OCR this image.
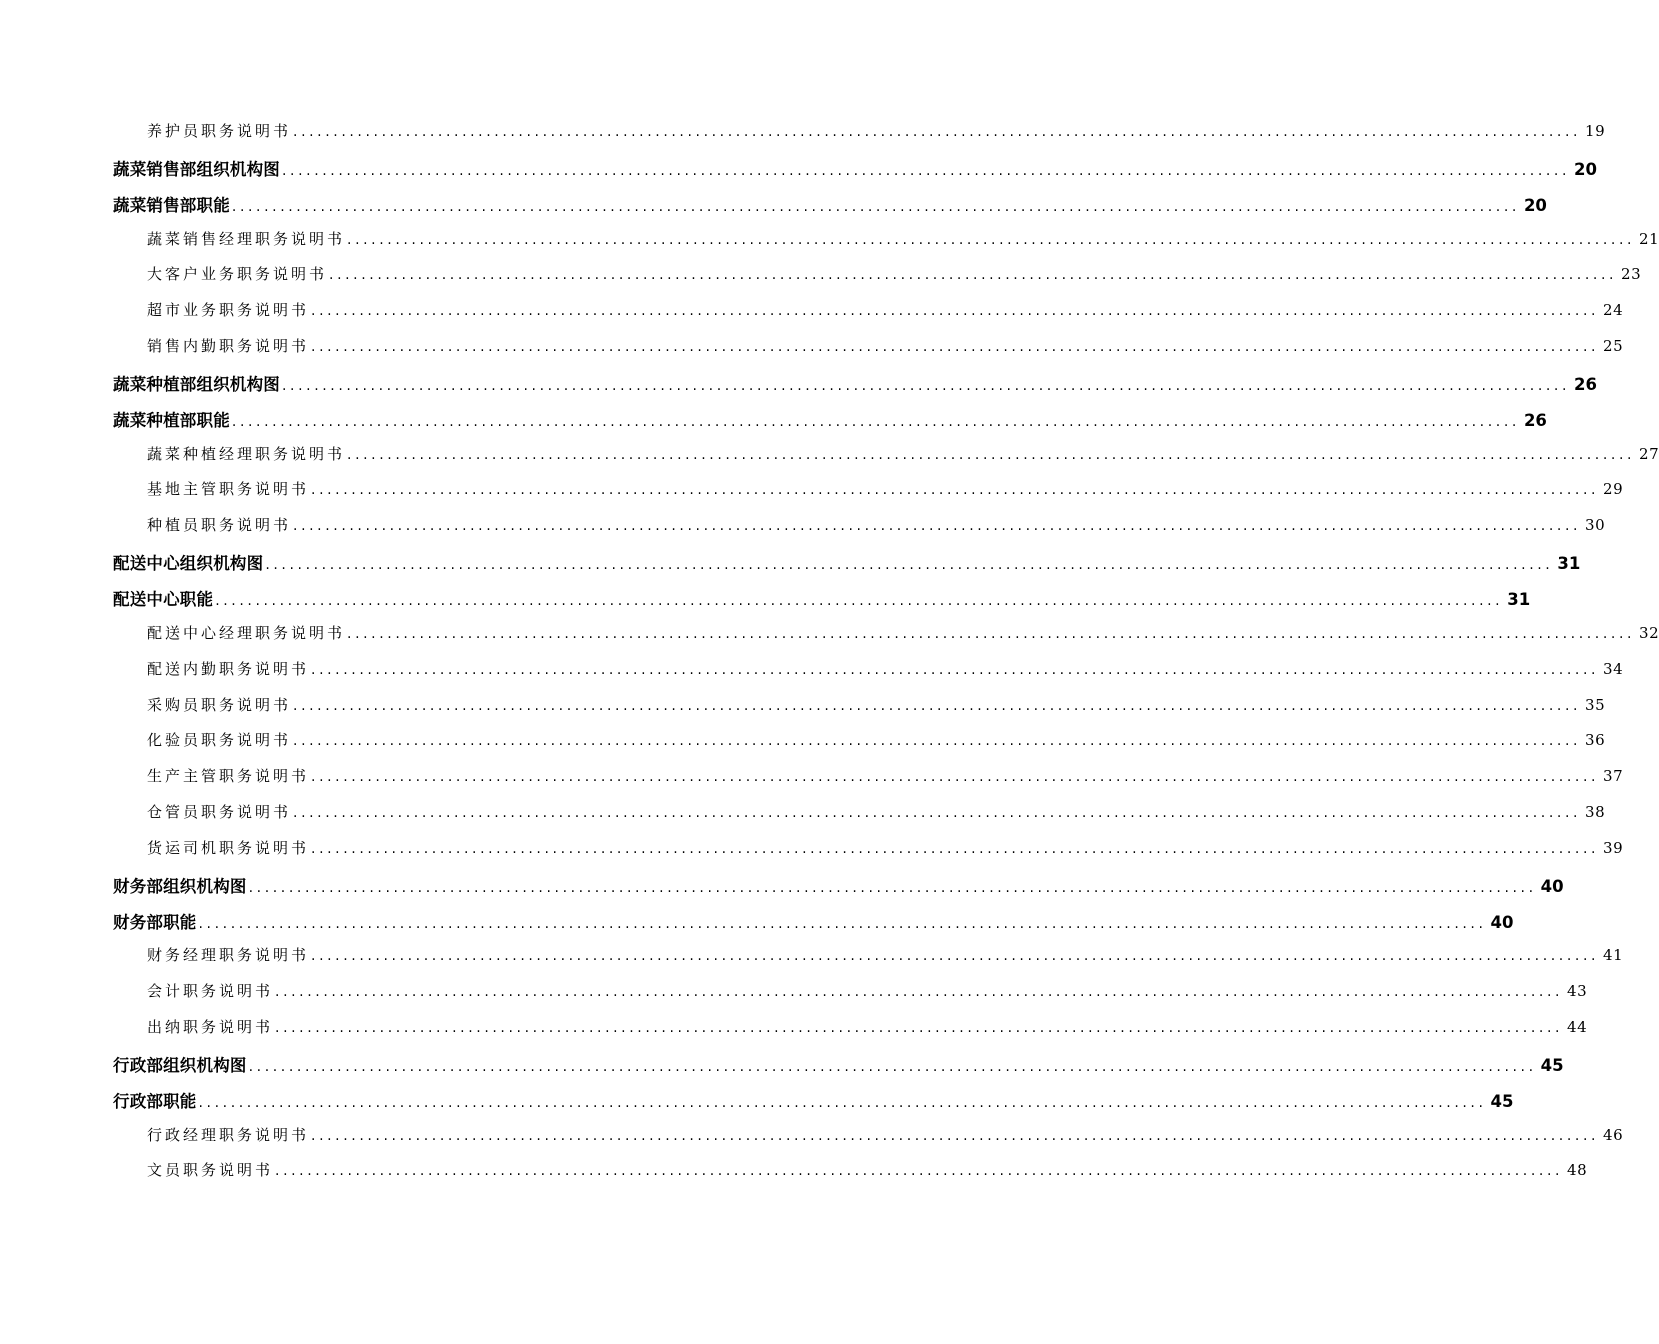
养护员职务说明书 ................................................................................................................................................................ 19
蔬菜销售部组织机构图 ................................................................................................................................................................ 20
蔬菜销售部职能 ................................................................................................................................................................ 20
蔬菜销售经理职务说明书 ................................................................................................................................................................ 21
大客户业务职务说明书 ................................................................................................................................................................ 23
超市业务职务说明书 ................................................................................................................................................................ 24
销售内勤职务说明书 ................................................................................................................................................................ 25
蔬菜种植部组织机构图 ................................................................................................................................................................ 26
蔬菜种植部职能 ................................................................................................................................................................ 26
蔬菜种植经理职务说明书 ................................................................................................................................................................ 27
基地主管职务说明书 ................................................................................................................................................................ 29
种植员职务说明书 ................................................................................................................................................................ 30
配送中心组织机构图 ................................................................................................................................................................ 31
配送中心职能 ................................................................................................................................................................ 31
配送中心经理职务说明书 ................................................................................................................................................................ 32
配送内勤职务说明书 ................................................................................................................................................................ 34
采购员职务说明书 ................................................................................................................................................................ 35
化验员职务说明书 ................................................................................................................................................................ 36
生产主管职务说明书 ................................................................................................................................................................ 37
仓管员职务说明书 ................................................................................................................................................................ 38
货运司机职务说明书 ................................................................................................................................................................ 39
财务部组织机构图 ................................................................................................................................................................ 40
财务部职能 ................................................................................................................................................................ 40
财务经理职务说明书 ................................................................................................................................................................ 41
会计职务说明书 ................................................................................................................................................................ 43
出纳职务说明书 ................................................................................................................................................................ 44
行政部组织机构图 ................................................................................................................................................................ 45
行政部职能 ................................................................................................................................................................ 45
行政经理职务说明书 ................................................................................................................................................................ 46
文员职务说明书 ................................................................................................................................................................ 48
